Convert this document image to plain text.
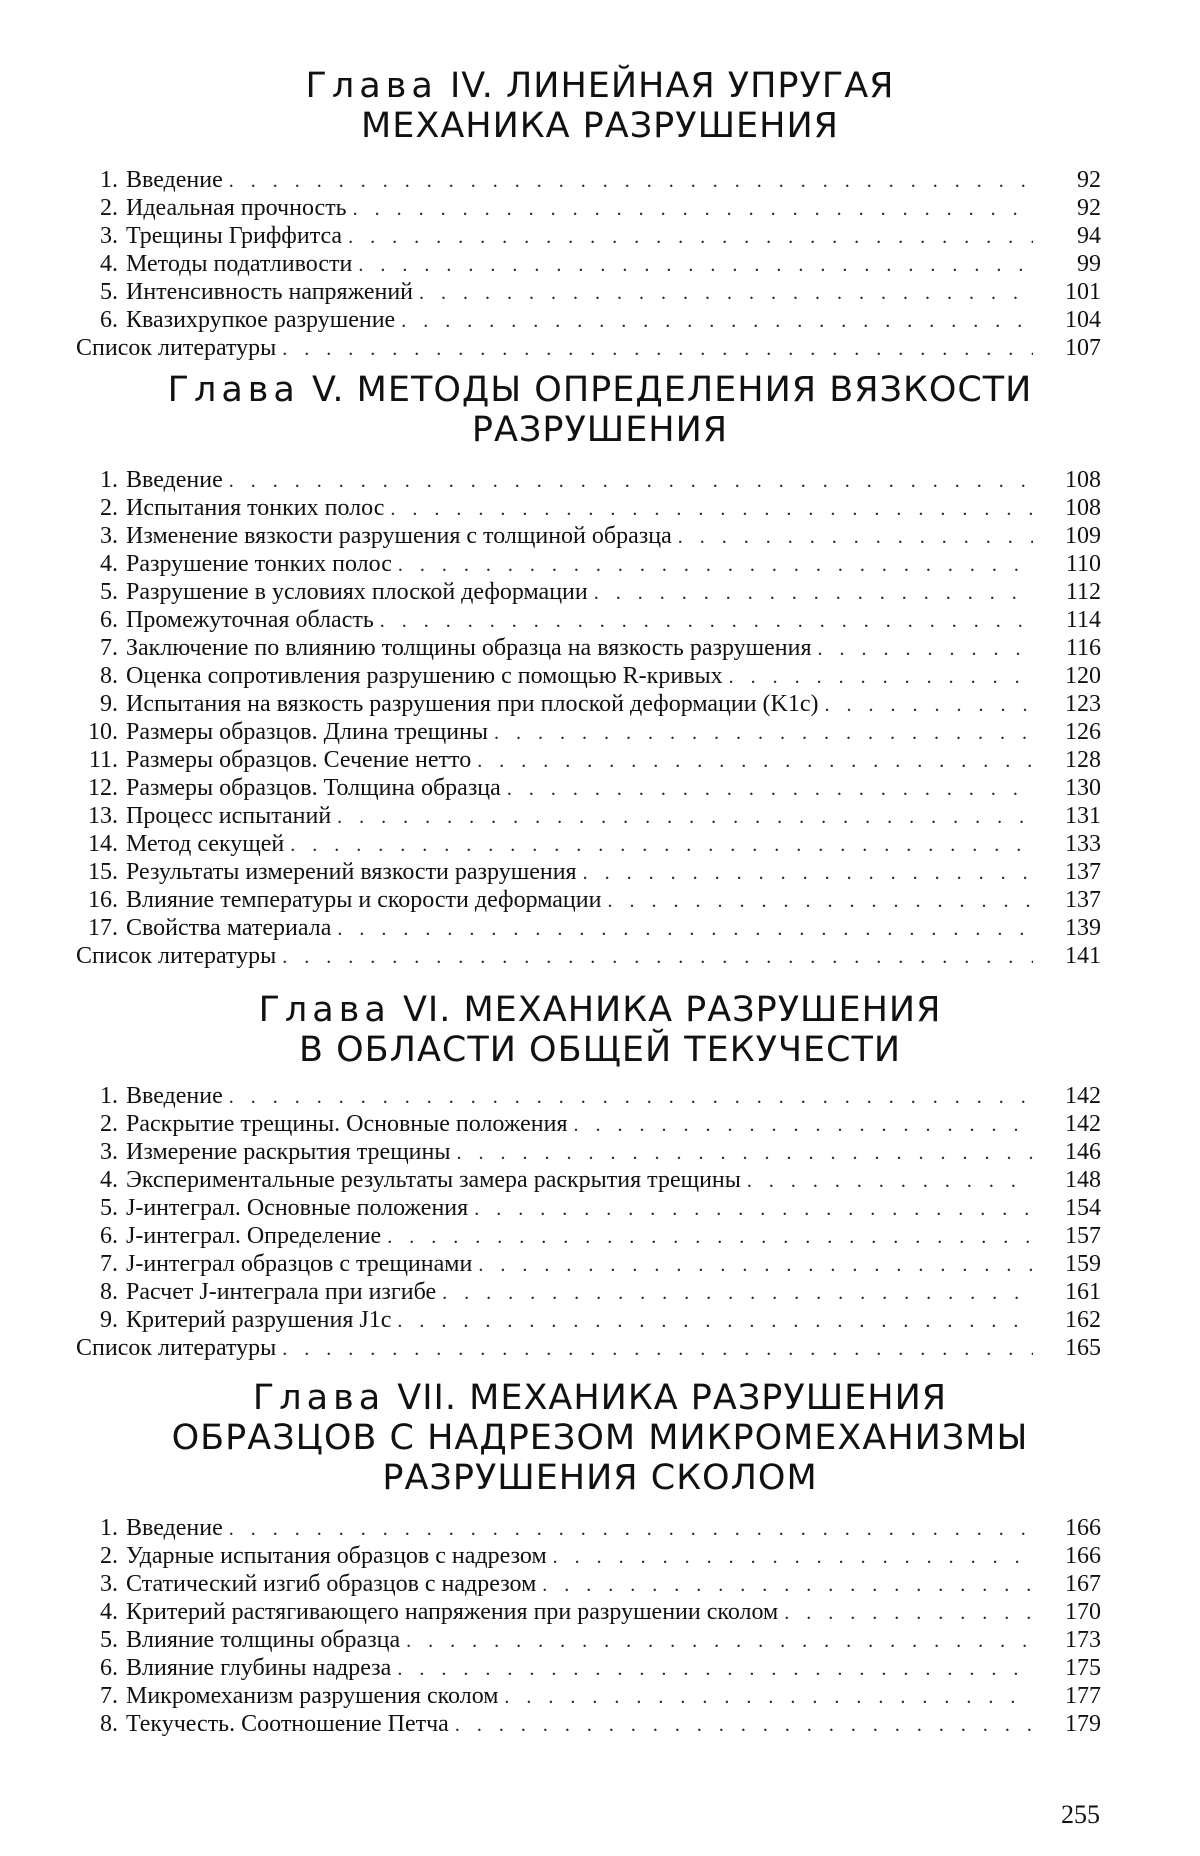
Глава IV. ЛИНЕЙНАЯ УПРУГАЯ
МЕХАНИКА РАЗРУШЕНИЯ
1. Введение . . .	92
2. Идеальная прочность . . .	92
3. Трещины Гриффитса . . .	94
4. Методы податливости . . .	99
5. Интенсивность напряжений . . .	101
6. Квазихрупкое разрушение . . .	104
Список литературы . . .	107
Глава V. МЕТОДЫ ОПРЕДЕЛЕНИЯ ВЯЗКОСТИ
РАЗРУШЕНИЯ
1. Введение . . .	108
2. Испытания тонких полос . . .	108
3. Изменение вязкости разрушения с толщиной образца . . .	109
4. Разрушение тонких полос . . .	110
5. Разрушение в условиях плоской деформации . . .	112
6. Промежуточная область . . .	114
7. Заключение по влиянию толщины образца на вязкость разрушения . . .	116
8. Оценка сопротивления разрушению с помощью R-кривых . . .	120
9. Испытания на вязкость разрушения при плоской деформации (K1c) . . .	123
10. Размеры образцов. Длина трещины . . .	126
11. Размеры образцов. Сечение нетто . . .	128
12. Размеры образцов. Толщина образца . . .	130
13. Процесс испытаний . . .	131
14. Метод секущей . . .	133
15. Результаты измерений вязкости разрушения . . .	137
16. Влияние температуры и скорости деформации . . .	137
17. Свойства материала . . .	139
Список литературы . . .	141
Глава VI. МЕХАНИКА РАЗРУШЕНИЯ
В ОБЛАСТИ ОБЩЕЙ ТЕКУЧЕСТИ
1. Введение . . .	142
2. Раскрытие трещины. Основные положения . . .	142
3. Измерение раскрытия трещины . . .	146
4. Экспериментальные результаты замера раскрытия трещины . . .	148
5. J-интеграл. Основные положения . . .	154
6. J-интеграл. Определение . . .	157
7. J-интеграл образцов с трещинами . . .	159
8. Расчет J-интеграла при изгибе . . .	161
9. Критерий разрушения J1c . . .	162
Список литературы . . .	165
Глава VII. МЕХАНИКА РАЗРУШЕНИЯ
ОБРАЗЦОВ С НАДРЕЗОМ МИКРОМЕХАНИЗМЫ
РАЗРУШЕНИЯ СКОЛОМ
1. Введение . . .	166
2. Ударные испытания образцов с надрезом . . .	166
3. Статический изгиб образцов с надрезом . . .	167
4. Критерий растягивающего напряжения при разрушении сколом . . .	170
5. Влияние толщины образца . . .	173
6. Влияние глубины надреза . . .	175
7. Микромеханизм разрушения сколом . . .	177
8. Текучесть. Соотношение Петча . . .	179
255
